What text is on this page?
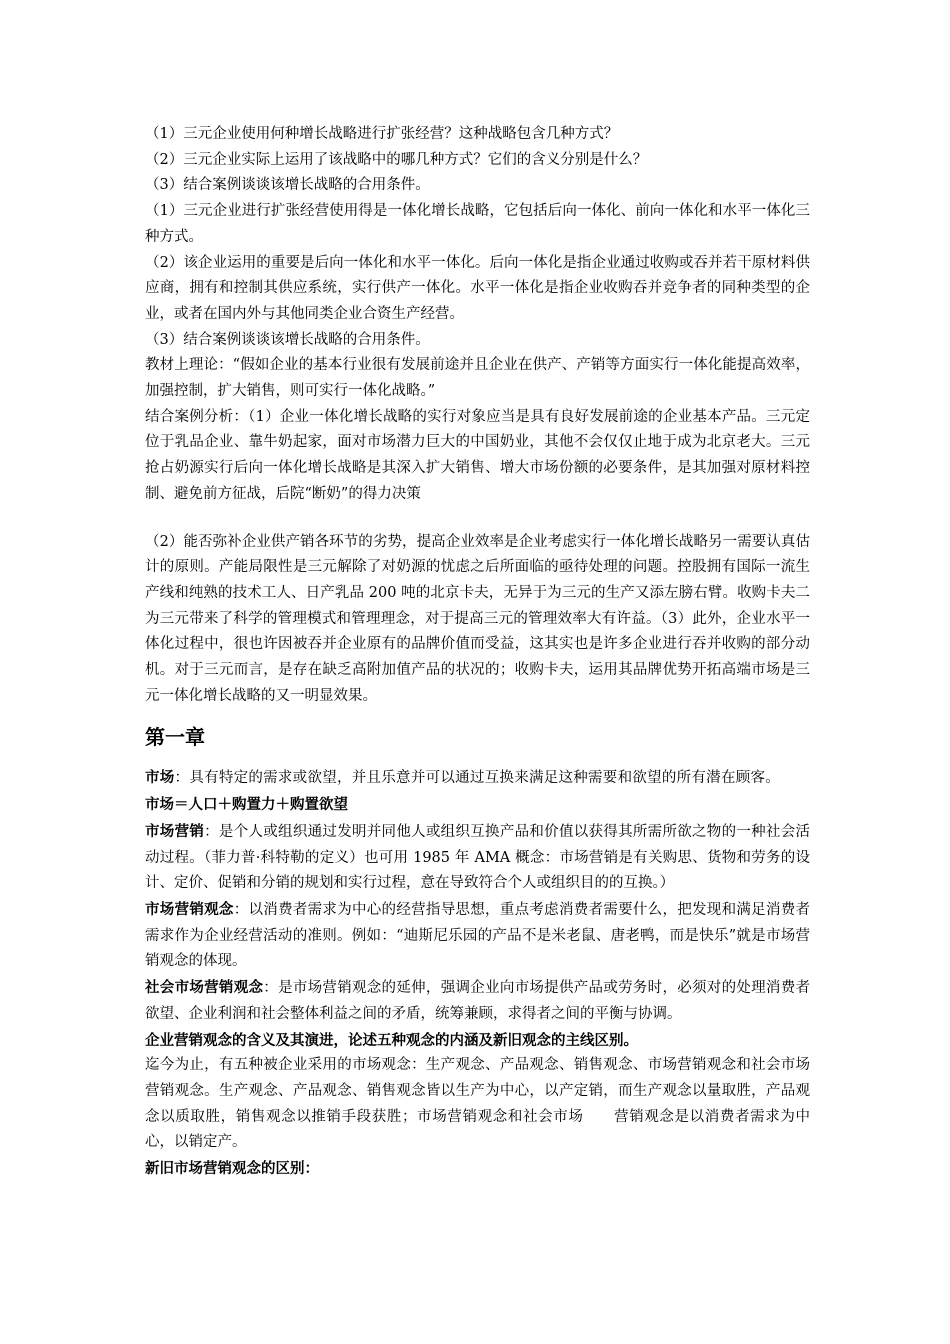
（1）三元企业使用何种增长战略进行扩张经营？这种战略包含几种方式？

（2）三元企业实际上运用了该战略中的哪几种方式？它们的含义分别是什么？

（3）结合案例谈谈该增长战略的合用条件。

（1）三元企业进行扩张经营使用得是一体化增长战略，它包括后向一体化、前向一体化和水平一体化三种方式。

（2）该企业运用的重要是后向一体化和水平一体化。后向一体化是指企业通过收购或吞并若干原材料供应商，拥有和控制其供应系统，实行供产一体化。水平一体化是指企业收购吞并竞争者的同种类型的企业，或者在国内外与其他同类企业合资生产经营。

（3）结合案例谈谈该增长战略的合用条件。

教材上理论：“假如企业的基本行业很有发展前途并且企业在供产、产销等方面实行一体化能提高效率，加强控制，扩大销售，则可实行一体化战略。”

结合案例分析：（1）企业一体化增长战略的实行对象应当是具有良好发展前途的企业基本产品。三元定位于乳品企业、靠牛奶起家，面对市场潜力巨大的中国奶业，其他不会仅仅止地于成为北京老大。三元抢占奶源实行后向一体化增长战略是其深入扩大销售、增大市场份额的必要条件，是其加强对原材料控制、避免前方征战，后院“断奶”的得力决策

（2）能否弥补企业供产销各环节的劣势，提高企业效率是企业考虑实行一体化增长战略另一需要认真估计的原则。产能局限性是三元解除了对奶源的忧虑之后所面临的亟待处理的问题。控股拥有国际一流生产线和纯熟的技术工人、日产乳品 200 吨的北京卡夫，无异于为三元的生产又添左膀右臂。收购卡夫二为三元带来了科学的管理模式和管理理念，对于提高三元的管理效率大有许益。（3）此外，企业水平一体化过程中，很也许因被吞并企业原有的品牌价值而受益，这其实也是许多企业进行吞并收购的部分动机。对于三元而言，是存在缺乏高附加值产品的状况的；收购卡夫，运用其品牌优势开拓高端市场是三元一体化增长战略的又一明显效果。

第一章

市场：具有特定的需求或欲望，并且乐意并可以通过互换来满足这种需要和欲望的所有潜在顾客。市场＝人口＋购置力＋购置欲望

市场营销：是个人或组织通过发明并同他人或组织互换产品和价值以获得其所需所欲之物的一种社会活动过程。（菲力普·科特勒的定义）也可用 1985 年 AMA 概念：市场营销是有关购思、货物和劳务的设计、定价、促销和分销的规划和实行过程，意在导致符合个人或组织目的的互换。）

市场营销观念：以消费者需求为中心的经营指导思想，重点考虑消费者需要什么，把发现和满足消费者需求作为企业经营活动的准则。例如：“迪斯尼乐园的产品不是米老鼠、唐老鸭，而是快乐”就是市场营销观念的体现。

社会市场营销观念：是市场营销观念的延伸，强调企业向市场提供产品或劳务时，必须对的处理消费者欲望、企业利润和社会整体利益之间的矛盾，统筹兼顾，求得者之间的平衡与协调。

企业营销观念的含义及其演进，论述五种观念的内涵及新旧观念的主线区别。

迄今为止，有五种被企业采用的市场观念：生产观念、产品观念、销售观念、市场营销观念和社会市场营销观念。生产观念、产品观念、销售观念皆以生产为中心，以产定销，而生产观念以量取胜，产品观念以质取胜，销售观念以推销手段获胜；市场营销观念和社会市场 营销观念是以消费者需求为中心，以销定产。

新旧市场营销观念的区别：
